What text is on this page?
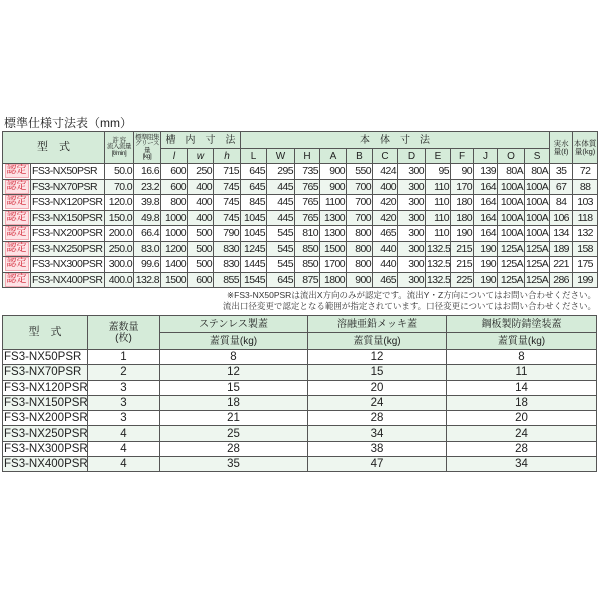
標準仕様寸法表（mm）
型　式		許 容
流入流量
[ℓ/min]	標準阻集
グリース量
[kg]	槽　内　寸　法			本　体　寸　法												実水量(ℓ)	本体質量(kg)
				l	w	h	L	W	H	A	B	C	D	E	F	J	O	S		
認定	FS3-NX50PSR	50.0	16.6	600	250	715	645	295	735	900	550	424	300	95	90	139	80A	80A	35	72
認定	FS3-NX70PSR	70.0	23.2	600	400	745	645	445	765	900	700	400	300	110	170	164	100A	100A	67	88
認定	FS3-NX120PSR	120.0	39.8	800	400	745	845	445	765	1100	700	420	300	110	180	164	100A	100A	84	103
認定	FS3-NX150PSR	150.0	49.8	1000	400	745	1045	445	765	1300	700	420	300	110	180	164	100A	100A	106	118
認定	FS3-NX200PSR	200.0	66.4	1000	500	790	1045	545	810	1300	800	465	300	110	190	164	100A	100A	134	132
認定	FS3-NX250PSR	250.0	83.0	1200	500	830	1245	545	850	1500	800	440	300	132.5	215	190	125A	125A	189	158
認定	FS3-NX300PSR	300.0	99.6	1400	500	830	1445	545	850	1700	800	440	300	132.5	215	190	125A	125A	221	175
認定	FS3-NX400PSR	400.0	132.8	1500	600	855	1545	645	875	1800	900	465	300	132.5	225	190	125A	125A	286	199
※FS3-NX50PSRは流出X方向のみが認定です。流出Y・Z方向についてはお問い合わせください。
流出口径変更で認定となる範囲が指定されています。口径変更についてはお問い合わせください。
型　式	蓋数量
(枚)	ステンレス製蓋	溶融亜鉛メッキ蓋	鋼板製防錆塗装蓋
		蓋質量(kg)	蓋質量(kg)	蓋質量(kg)
FS3-NX50PSR	1	8	12	8
FS3-NX70PSR	2	12	15	11
FS3-NX120PSR	3	15	20	14
FS3-NX150PSR	3	18	24	18
FS3-NX200PSR	3	21	28	20
FS3-NX250PSR	4	25	34	24
FS3-NX300PSR	4	28	38	28
FS3-NX400PSR	4	35	47	34
